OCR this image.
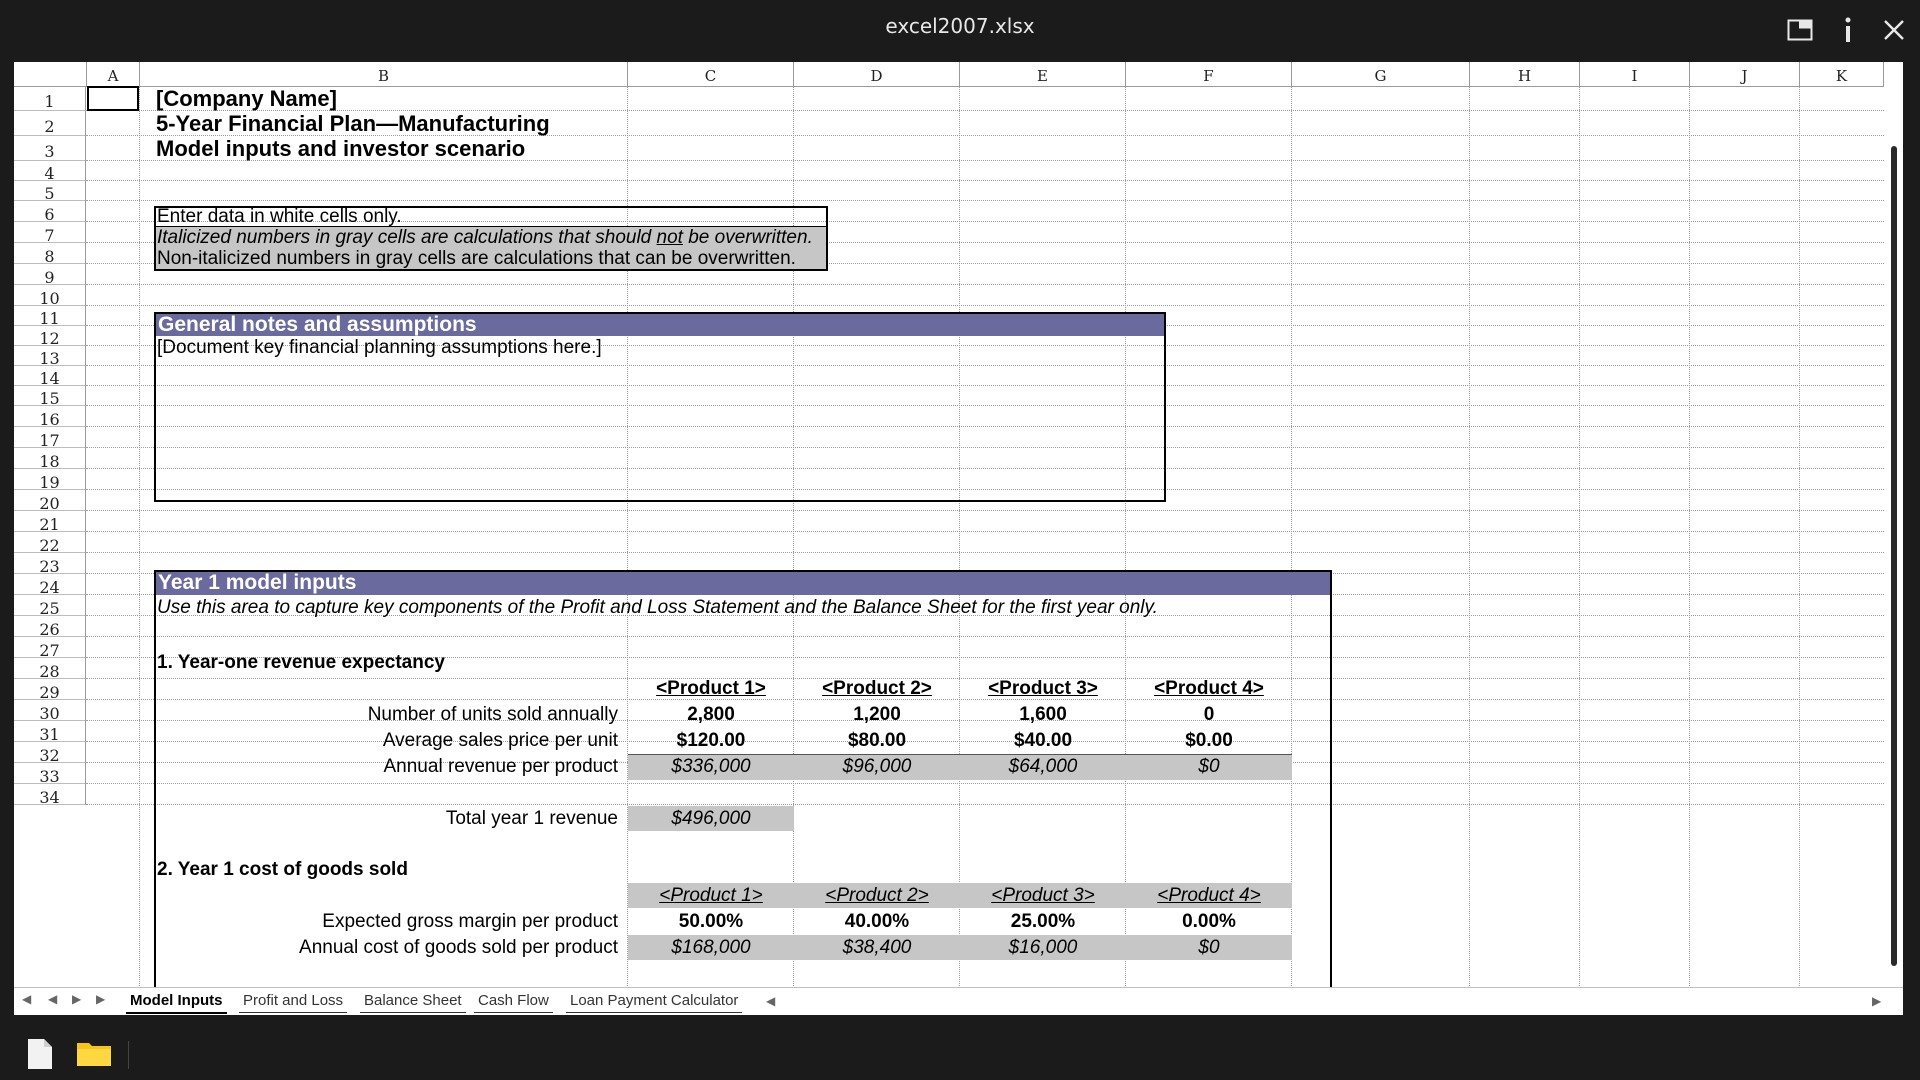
excel2007.xlsx
A	B	C	D	E	F	G	H	I	J	K
1
2
3
4
5
6
7
8
9
10
11
12
13
14
15
16
17
18
19
20
21
22
23
24
25
26
27
28
29
30
31
32
33
34
[Company Name]
5-Year Financial Plan—Manufacturing
Model inputs and investor scenario
Enter data in white cells only.
Italicized numbers in gray cells are calculations that should not be overwritten.
Non-italicized numbers in gray cells are calculations that can be overwritten.
General notes and assumptions
[Document key financial planning assumptions here.]
Year 1 model inputs
Use this area to capture key components of the Profit and Loss Statement and the Balance Sheet for the first year only.
1. Year-one revenue expectancy
<Product 1>	<Product 2>	<Product 3>	<Product 4>
Number of units sold annually	2,800	1,200	1,600	0
Average sales price per unit	$120.00	$80.00	$40.00	$0.00
Annual revenue per product	$336,000	$96,000	$64,000	$0
Total year 1 revenue	$496,000
2. Year 1 cost of goods sold
<Product 1>	<Product 2>	<Product 3>	<Product 4>
Expected gross margin per product	50.00%	40.00%	25.00%	0.00%
Annual cost of goods sold per product	$168,000	$38,400	$16,000	$0
◀ ◀ ▶ ▶ Model Inputs Profit and Loss Balance Sheet Cash Flow Loan Payment Calculator	◀	▶
